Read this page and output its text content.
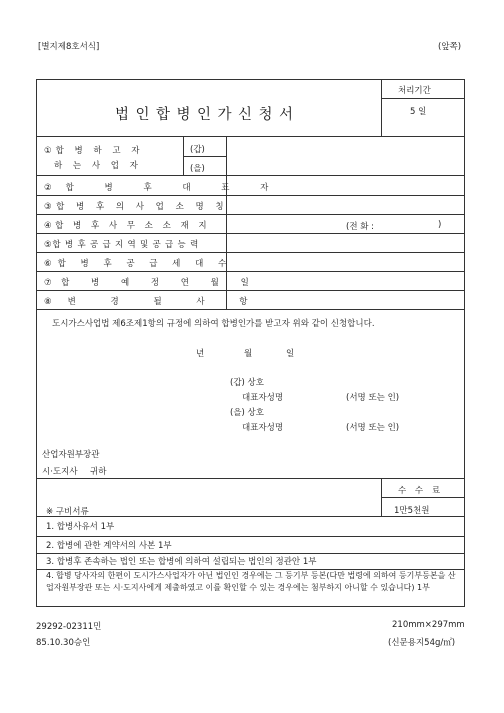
[별지제8호서식]	(앞쪽)
법인합병인가신청서
처리기간
5 일
①합 병 하 고 자
하 는 사 업 자
(갑)
(을)
②합 병 후 대 표 자
③합 병 후 의 사 업 소 명 칭
④합 병 후 사 무 소 소 재 지	(전 화 :	)
⑤합 병 후 공 급 지 역 및 공 급 능 력
⑥합 병 후 공 급 세 대 수
⑦합 병 예 정 연 월 일
⑧변 경 될 사 항
도시가스사업법 제6조제1항의 규정에 의하여 합병인가를 받고자 위와 같이 신청합니다.
년	월	일
(갑) 상호
대표자성명	(서명 또는 인)
(을) 상호
대표자성명	(서명 또는 인)
산업자원부장관
시·도지사 귀하
수 수 료
1만5천원
※ 구비서류
1. 합병사유서 1부
2. 합병에 관한 계약서의 사본 1부
3. 합병후 존속하는 법인 또는 합병에 의하여 설립되는 법인의 정관안 1부
4. 합병 당사자의 한편이 도시가스사업자가 아닌 법인인 경우에는 그 등기부 등본(다만 법령에 의하여 등기부등본을 산업자원부장관 또는 시·도지사에게 제출하였고 이를 확인할 수 있는 경우에는 첨부하지 아니할 수 있습니다) 1부
29292-02311민
85.10.30승인
210mm×297mm
(신문용지54g/㎡)
